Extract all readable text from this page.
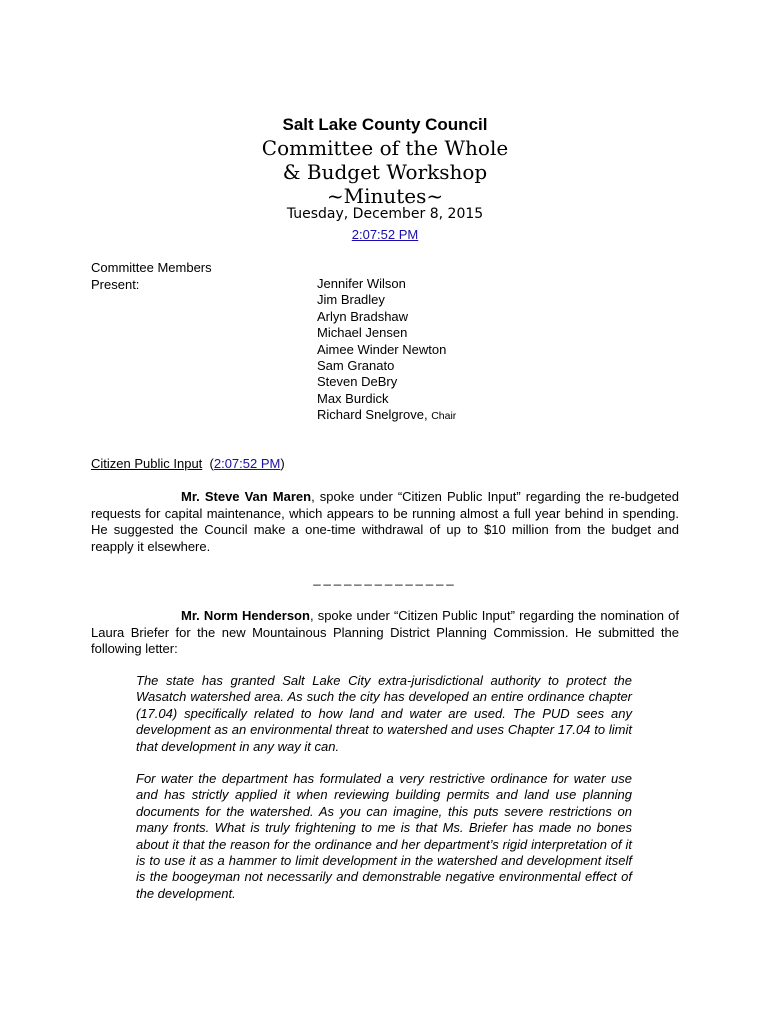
Salt Lake County Council
Committee of the Whole
& Budget Workshop
~Minutes~
Tuesday, December 8, 2015
2:07:52 PM
Committee Members
Present:	Jennifer Wilson
Jim Bradley
Arlyn Bradshaw
Michael Jensen
Aimee Winder Newton
Sam Granato
Steven DeBry
Max Burdick
Richard Snelgrove, Chair
Citizen Public Input (2:07:52 PM)

Mr. Steve Van Maren, spoke under “Citizen Public Input” regarding the re-budgeted requests for capital maintenance, which appears to be running almost a full year behind in spending. He suggested the Council make a one-time withdrawal of up to $10 million from the budget and reapply it elsewhere.

______________

Mr. Norm Henderson, spoke under “Citizen Public Input” regarding the nomination of Laura Briefer for the new Mountainous Planning District Planning Commission. He submitted the following letter:

The state has granted Salt Lake City extra-jurisdictional authority to protect the Wasatch watershed area. As such the city has developed an entire ordinance chapter (17.04) specifically related to how land and water are used. The PUD sees any development as an environmental threat to watershed and uses Chapter 17.04 to limit that development in any way it can.

For water the department has formulated a very restrictive ordinance for water use and has strictly applied it when reviewing building permits and land use planning documents for the watershed. As you can imagine, this puts severe restrictions on many fronts. What is truly frightening to me is that Ms. Briefer has made no bones about it that the reason for the ordinance and her department’s rigid interpretation of it is to use it as a hammer to limit development in the watershed and development itself is the boogeyman not necessarily and demonstrable negative environmental effect of the development.
